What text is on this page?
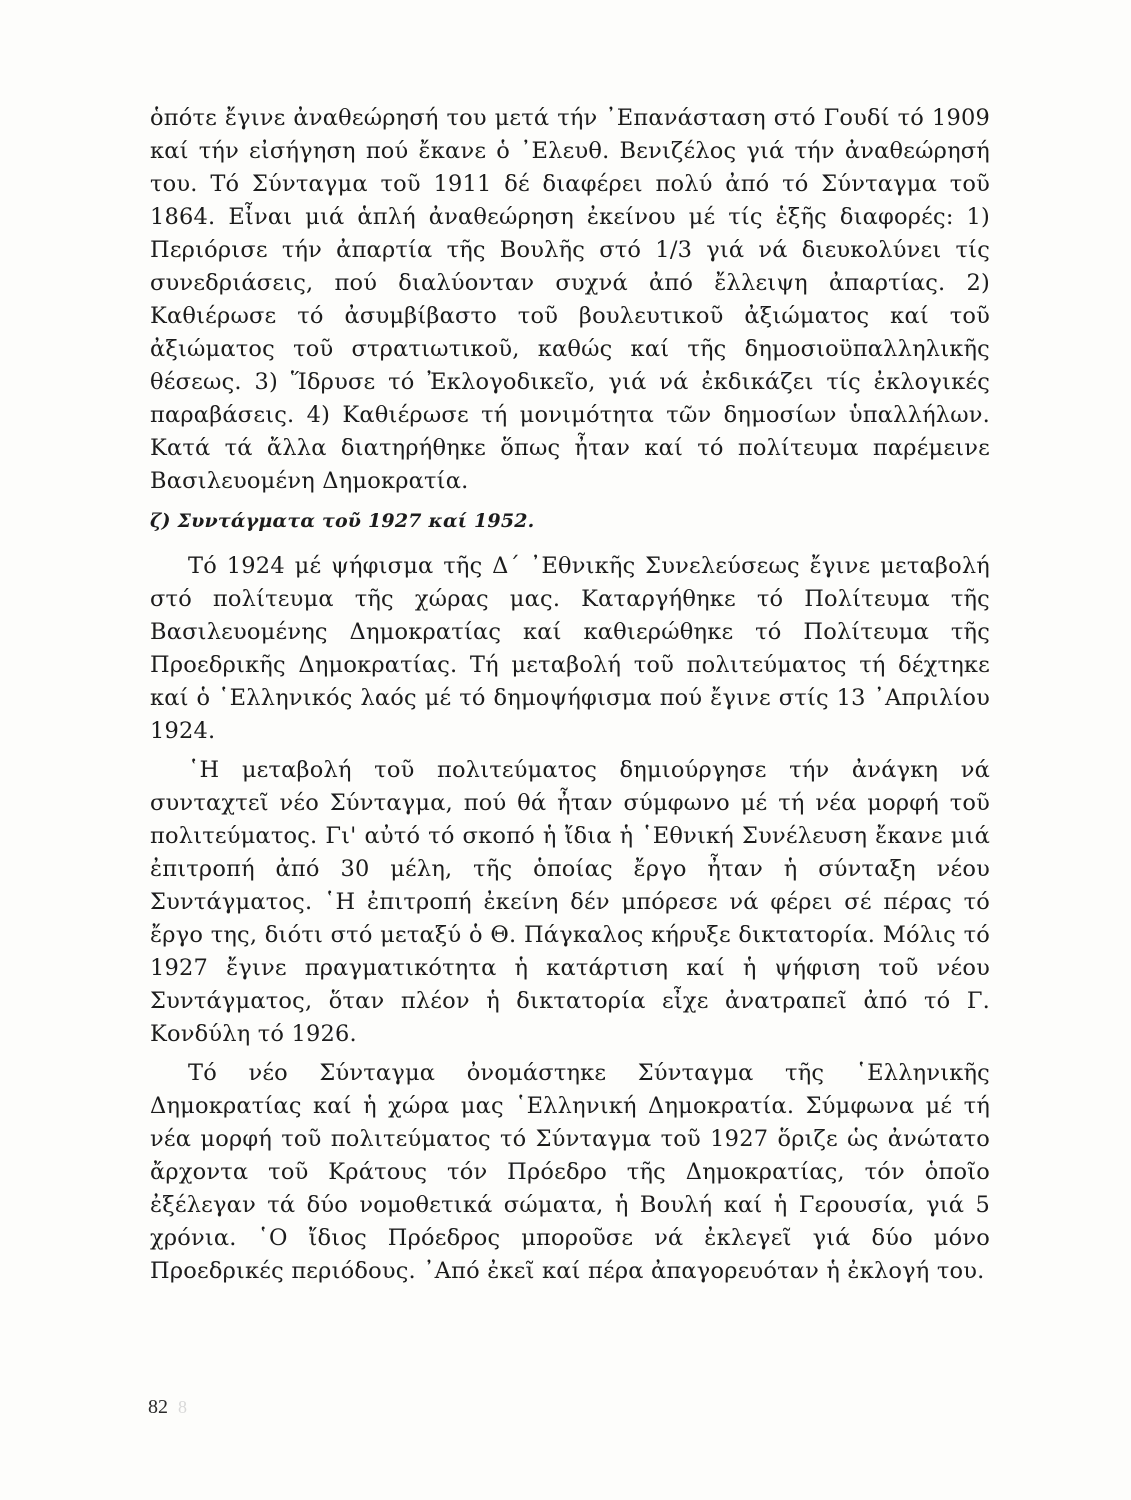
ὁπότε ἔγινε ἀναθεώρησή του μετά τήν ᾿Επανάσταση στό Γουδί τό 1909 καί τήν εἰσήγηση πού ἔκανε ὁ ᾿Ελευθ. Βενιζέλος γιά τήν ἀναθεώρησή του. Τό Σύνταγμα τοῦ 1911 δέ διαφέρει πολύ ἀπό τό Σύνταγμα τοῦ 1864. Εἶναι μιά ἁπλή ἀναθεώρηση ἐκείνου μέ τίς ἑξῆς διαφορές: 1) Περιόρισε τήν ἀπαρτία τῆς Βουλῆς στό 1/3 γιά νά διευκολύνει τίς συνεδριάσεις, πού διαλύονταν συχνά ἀπό ἔλλειψη ἀπαρτίας. 2) Καθιέρωσε τό ἀσυμβίβαστο τοῦ βουλευτικοῦ ἀξιώματος καί τοῦ ἀξιώματος τοῦ στρατιωτικοῦ, καθώς καί τῆς δημοσιοϋπαλληλικῆς θέσεως. 3) Ἵδρυσε τό Ἐκλογοδικεῖο, γιά νά ἐκδικάζει τίς ἐκλογικές παραβάσεις. 4) Καθιέρωσε τή μονιμότητα τῶν δημοσίων ὑπαλλήλων. Κατά τά ἄλλα διατηρήθηκε ὅπως ἦταν καί τό πολίτευμα παρέμεινε Βασιλευομένη Δημοκρατία.

ζ) Συντάγματα τοῦ 1927 καί 1952.

Τό 1924 μέ ψήφισμα τῆς Δ΄ ᾿Εθνικῆς Συνελεύσεως ἔγινε μεταβολή στό πολίτευμα τῆς χώρας μας. Καταργήθηκε τό Πολίτευμα τῆς Βασιλευομένης Δημοκρατίας καί καθιερώθηκε τό Πολίτευμα τῆς Προεδρικῆς Δημοκρατίας. Τή μεταβολή τοῦ πολιτεύματος τή δέχτηκε καί ὁ ῾Ελληνικός λαός μέ τό δημοψήφισμα πού ἔγινε στίς 13 ᾿Απριλίου 1924.

῾Η μεταβολή τοῦ πολιτεύματος δημιούργησε τήν ἀνάγκη νά συνταχτεῖ νέο Σύνταγμα, πού θά ἦταν σύμφωνο μέ τή νέα μορφή τοῦ πολιτεύματος. Γι' αὐτό τό σκοπό ἡ ἴδια ἡ ῾Εθνική Συνέλευση ἔκανε μιά ἐπιτροπή ἀπό 30 μέλη, τῆς ὁποίας ἔργο ἦταν ἡ σύνταξη νέου Συντάγματος. ῾Η ἐπιτροπή ἐκείνη δέν μπόρεσε νά φέρει σέ πέρας τό ἔργο της, διότι στό μεταξύ ὁ Θ. Πάγκαλος κήρυξε δικτατορία. Μόλις τό 1927 ἔγινε πραγματικότητα ἡ κατάρτιση καί ἡ ψήφιση τοῦ νέου Συντάγματος, ὅταν πλέον ἡ δικτατορία εἶχε ἀνατραπεῖ ἀπό τό Γ. Κονδύλη τό 1926.

Τό νέο Σύνταγμα ὀνομάστηκε Σύνταγμα τῆς ῾Ελληνικῆς Δημοκρατίας καί ἡ χώρα μας ῾Ελληνική Δημοκρατία. Σύμφωνα μέ τή νέα μορφή τοῦ πολιτεύματος τό Σύνταγμα τοῦ 1927 ὅριζε ὡς ἀνώτατο ἄρχοντα τοῦ Κράτους τόν Πρόεδρο τῆς Δημοκρατίας, τόν ὁποῖο ἐξέλεγαν τά δύο νομοθετικά σώματα, ἡ Βουλή καί ἡ Γερουσία, γιά 5 χρόνια. ῾Ο ἴδιος Πρόεδρος μποροῦσε νά ἐκλεγεῖ γιά δύο μόνο Προεδρικές περιόδους. ᾿Από ἐκεῖ καί πέρα ἀπαγορευόταν ἡ ἐκλογή του.

82 8
